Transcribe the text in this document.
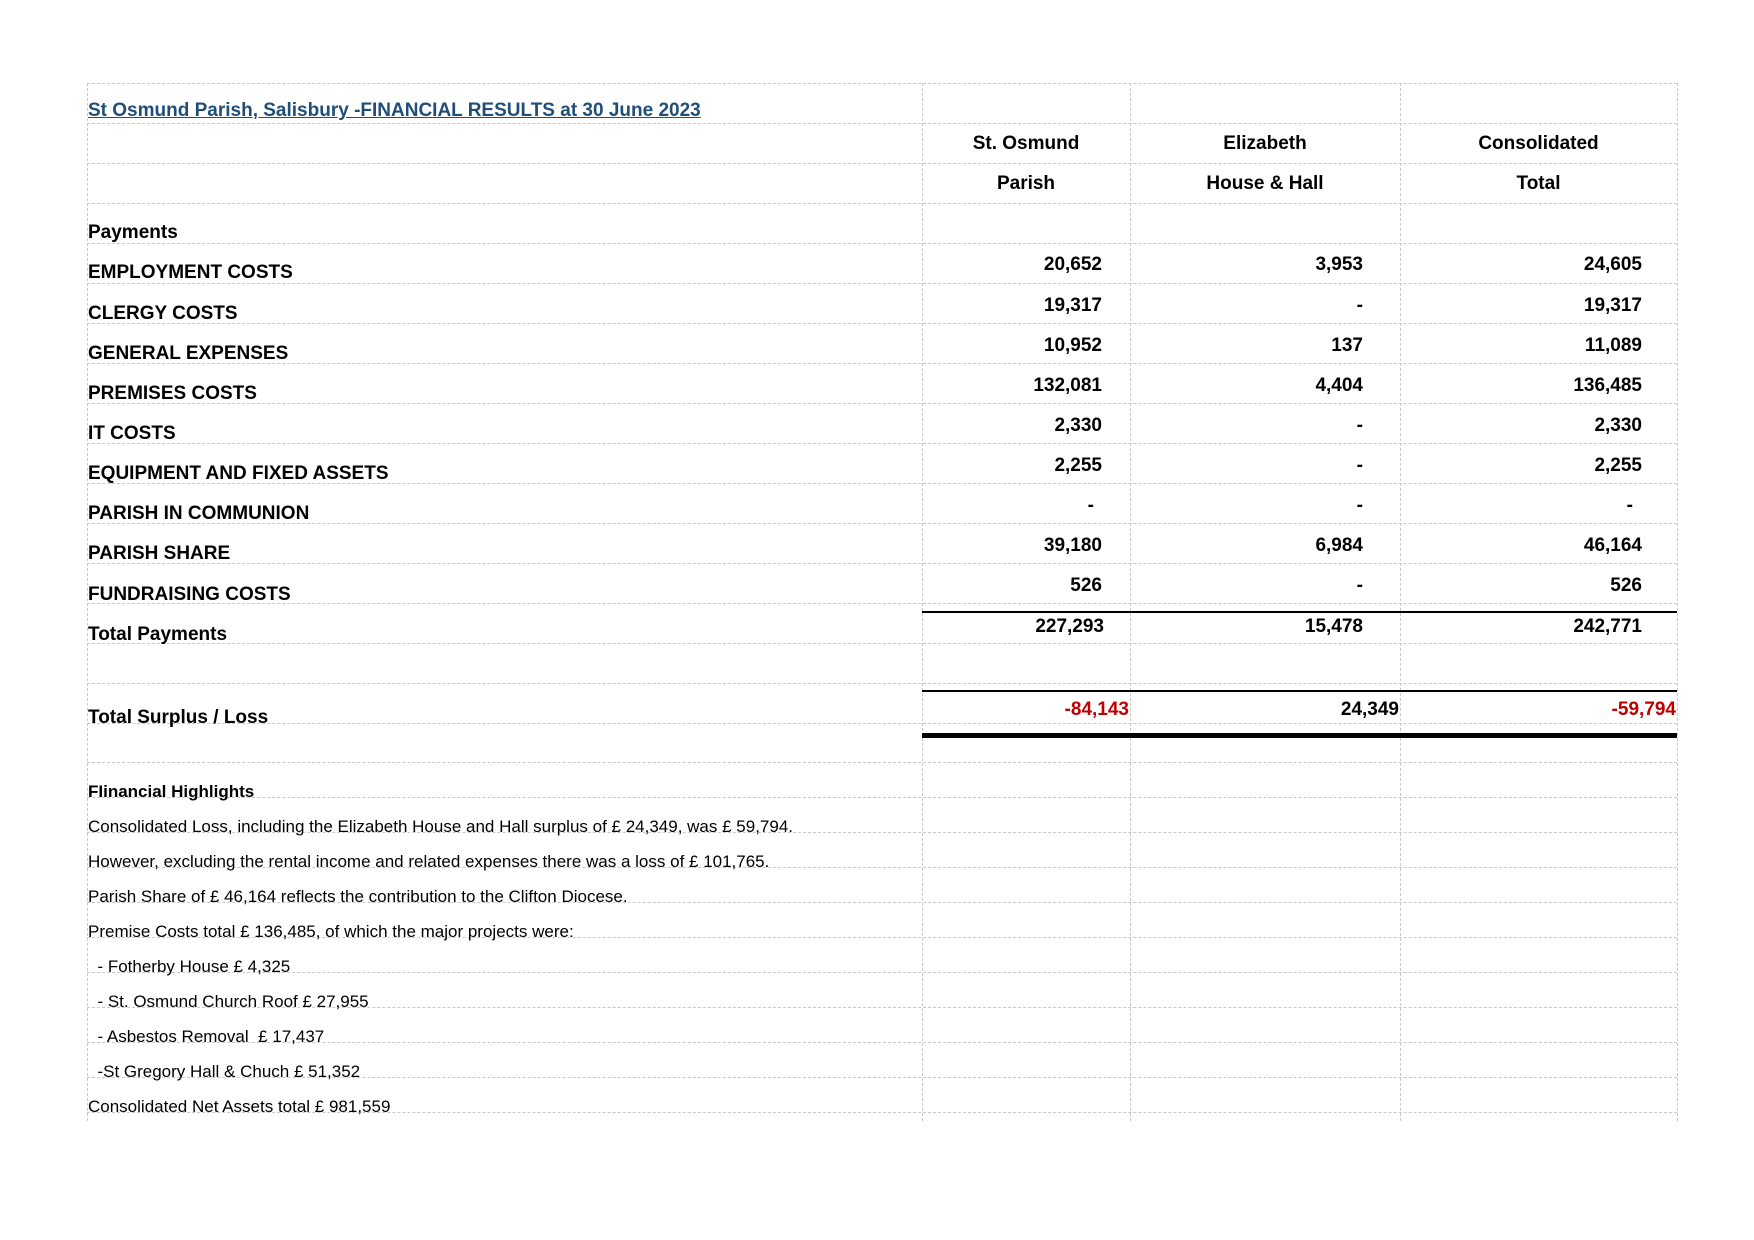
St Osmund Parish, Salisbury -FINANCIAL RESULTS at 30 June 2023
St. Osmund
Parish
Elizabeth
House & Hall
Consolidated
Total
Payments
EMPLOYMENT COSTS	20,652	3,953	24,605
CLERGY COSTS	19,317	-	19,317
GENERAL EXPENSES	10,952	137	11,089
PREMISES COSTS	132,081	4,404	136,485
IT COSTS	2,330	-	2,330
EQUIPMENT AND FIXED ASSETS	2,255	-	2,255
PARISH IN COMMUNION	-	-	-
PARISH SHARE	39,180	6,984	46,164
FUNDRAISING COSTS	526	-	526
Total Payments	227,293	15,478	242,771
Total Surplus / Loss	-84,143	24,349	-59,794
FIinancial Highlights
Consolidated Loss, including the Elizabeth House and Hall surplus of £ 24,349, was £ 59,794.
However, excluding the rental income and related expenses there was a loss of £ 101,765.
Parish Share of £ 46,164 reflects the contribution to the Clifton Diocese.
Premise Costs total £ 136,485, of which the major projects were:
- Fotherby House £ 4,325
- St. Osmund Church Roof £ 27,955
- Asbestos Removal  £ 17,437
-St Gregory Hall & Chuch £ 51,352
Consolidated Net Assets total £ 981,559
